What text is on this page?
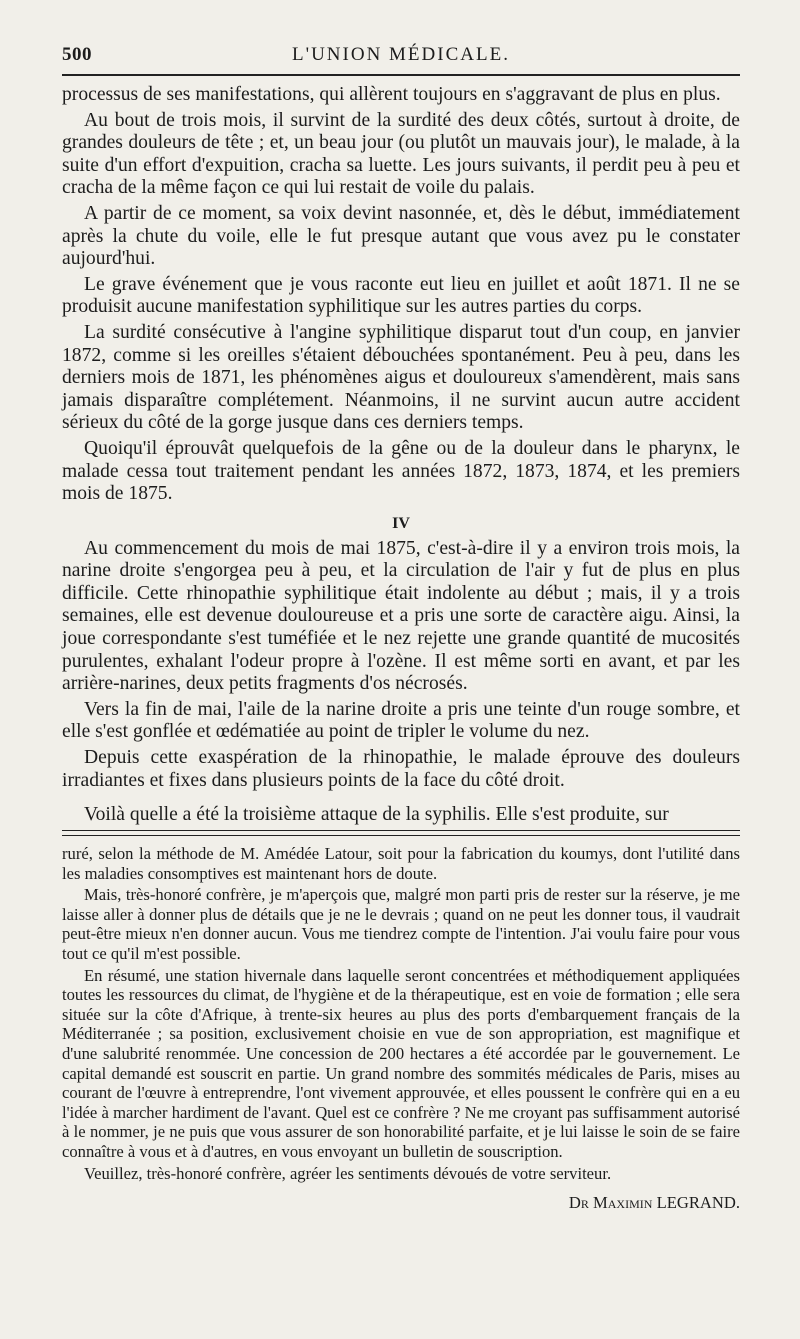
500	L'UNION MÉDICALE.

processus de ses manifestations, qui allèrent toujours en s'aggravant de plus en plus.

Au bout de trois mois, il survint de la surdité des deux côtés, surtout à droite, de grandes douleurs de tête ; et, un beau jour (ou plutôt un mauvais jour), le malade, à la suite d'un effort d'expuition, cracha sa luette. Les jours suivants, il perdit peu à peu et cracha de la même façon ce qui lui restait de voile du palais.

A partir de ce moment, sa voix devint nasonnée, et, dès le début, immédiatement après la chute du voile, elle le fut presque autant que vous avez pu le constater aujourd'hui.

Le grave événement que je vous raconte eut lieu en juillet et août 1871. Il ne se produisit aucune manifestation syphilitique sur les autres parties du corps.

La surdité consécutive à l'angine syphilitique disparut tout d'un coup, en janvier 1872, comme si les oreilles s'étaient débouchées spontanément. Peu à peu, dans les derniers mois de 1871, les phénomènes aigus et douloureux s'amendèrent, mais sans jamais disparaître complétement. Néanmoins, il ne survint aucun autre accident sérieux du côté de la gorge jusque dans ces derniers temps.

Quoiqu'il éprouvât quelquefois de la gêne ou de la douleur dans le pharynx, le malade cessa tout traitement pendant les années 1872, 1873, 1874, et les premiers mois de 1875.

IV

Au commencement du mois de mai 1875, c'est-à-dire il y a environ trois mois, la narine droite s'engorgea peu à peu, et la circulation de l'air y fut de plus en plus difficile. Cette rhinopathie syphilitique était indolente au début ; mais, il y a trois semaines, elle est devenue douloureuse et a pris une sorte de caractère aigu. Ainsi, la joue correspondante s'est tuméfiée et le nez rejette une grande quantité de mucosités purulentes, exhalant l'odeur propre à l'ozène. Il est même sorti en avant, et par les arrière-narines, deux petits fragments d'os nécrosés.

Vers la fin de mai, l'aile de la narine droite a pris une teinte d'un rouge sombre, et elle s'est gonflée et œdématiée au point de tripler le volume du nez.

Depuis cette exaspération de la rhinopathie, le malade éprouve des douleurs irradiantes et fixes dans plusieurs points de la face du côté droit.

Voilà quelle a été la troisième attaque de la syphilis. Elle s'est produite, sur

ruré, selon la méthode de M. Amédée Latour, soit pour la fabrication du koumys, dont l'utilité dans les maladies consomptives est maintenant hors de doute.

Mais, très-honoré confrère, je m'aperçois que, malgré mon parti pris de rester sur la réserve, je me laisse aller à donner plus de détails que je ne le devrais ; quand on ne peut les donner tous, il vaudrait peut-être mieux n'en donner aucun. Vous me tiendrez compte de l'intention. J'ai voulu faire pour vous tout ce qu'il m'est possible.

En résumé, une station hivernale dans laquelle seront concentrées et méthodiquement appliquées toutes les ressources du climat, de l'hygiène et de la thérapeutique, est en voie de formation ; elle sera située sur la côte d'Afrique, à trente-six heures au plus des ports d'embarquement français de la Méditerranée ; sa position, exclusivement choisie en vue de son appropriation, est magnifique et d'une salubrité renommée. Une concession de 200 hectares a été accordée par le gouvernement. Le capital demandé est souscrit en partie. Un grand nombre des sommités médicales de Paris, mises au courant de l'œuvre à entreprendre, l'ont vivement approuvée, et elles poussent le confrère qui en a eu l'idée à marcher hardiment de l'avant. Quel est ce confrère ? Ne me croyant pas suffisamment autorisé à le nommer, je ne puis que vous assurer de son honorabilité parfaite, et je lui laisse le soin de se faire connaître à vous et à d'autres, en vous envoyant un bulletin de souscription.

Veuillez, très-honoré confrère, agréer les sentiments dévoués de votre serviteur.

Dr Maximin LEGRAND.
